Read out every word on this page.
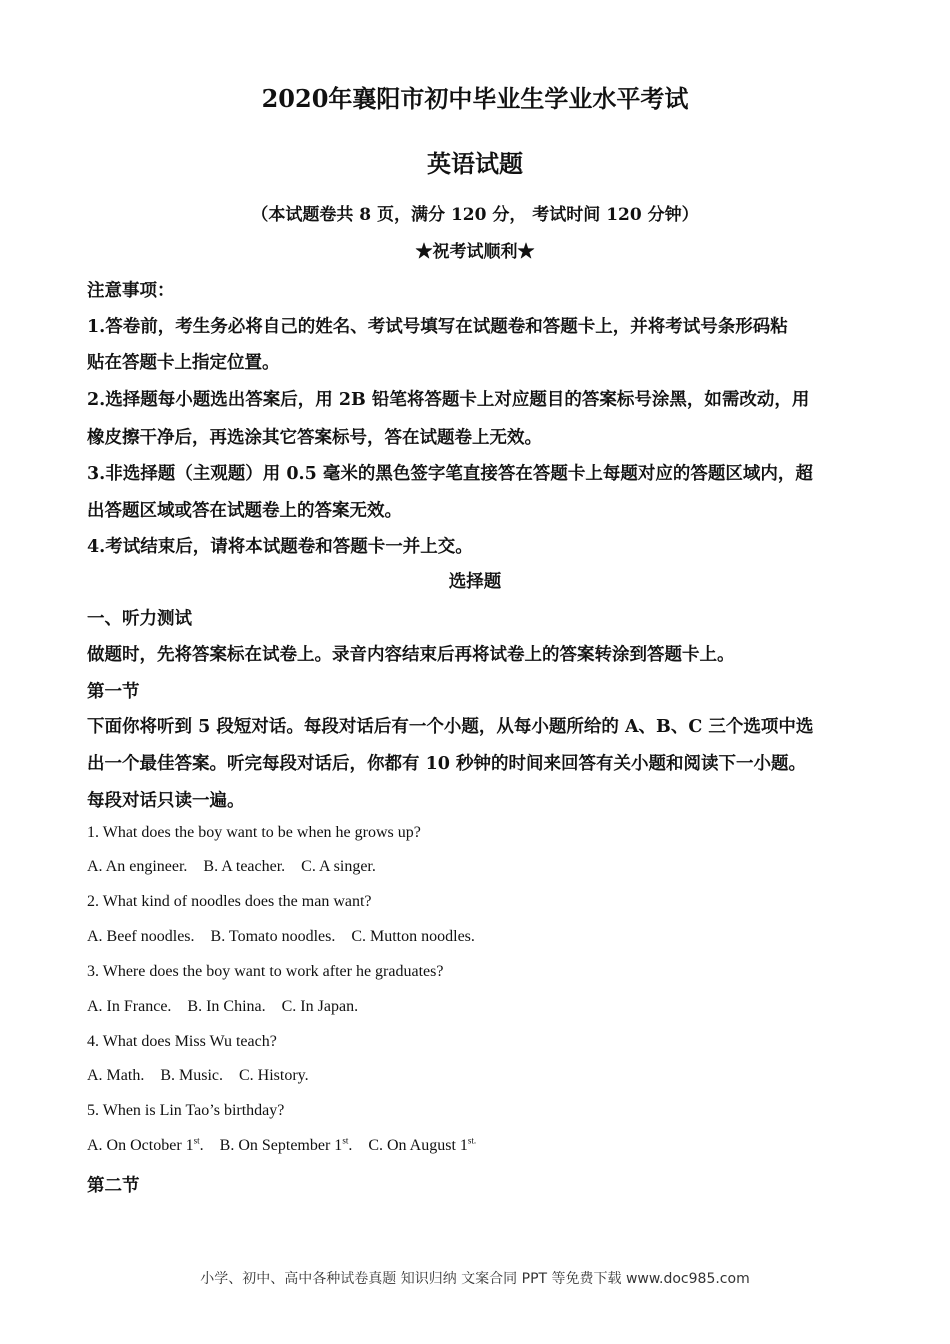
2020年襄阳市初中毕业生学业水平考试
英语试题
（本试题卷共 8 页，满分 120 分， 考试时间 120 分钟）
★祝考试顺利★
注意事项：
1.答卷前，考生务必将自己的姓名、考试号填写在试题卷和答题卡上，并将考试号条形码粘
贴在答题卡上指定位置。
2.选择题每小题选出答案后，用 2B 铅笔将答题卡上对应题目的答案标号涂黑，如需改动，用
橡皮擦干净后，再选涂其它答案标号，答在试题卷上无效。
3.非选择题（主观题）用 0.5 毫米的黑色签字笔直接答在答题卡上每题对应的答题区域内，超
出答题区域或答在试题卷上的答案无效。
4.考试结束后，请将本试题卷和答题卡一并上交。
选择题
一、听力测试
做题时，先将答案标在试卷上。录音内容结束后再将试卷上的答案转涂到答题卡上。
第一节
下面你将听到 5 段短对话。每段对话后有一个小题，从每小题所给的 A、B、C 三个选项中选
出一个最佳答案。听完每段对话后，你都有 10 秒钟的时间来回答有关小题和阅读下一小题。
每段对话只读一遍。
1. What does the boy want to be when he grows up?
A. An engineer.    B. A teacher.    C. A singer.
2. What kind of noodles does the man want?
A. Beef noodles.    B. Tomato noodles.    C. Mutton noodles.
3. Where does the boy want to work after he graduates?
A. In France.    B. In China.    C. In Japan.
4. What does Miss Wu teach?
A. Math.    B. Music.    C. History.
5. When is Lin Tao’s birthday?
A. On October 1st.    B. On September 1st.    C. On August $1^{st.}$
第二节
小学、初中、高中各种试卷真题 知识归纳 文案合同 PPT 等免费下载 www.doc985.com
